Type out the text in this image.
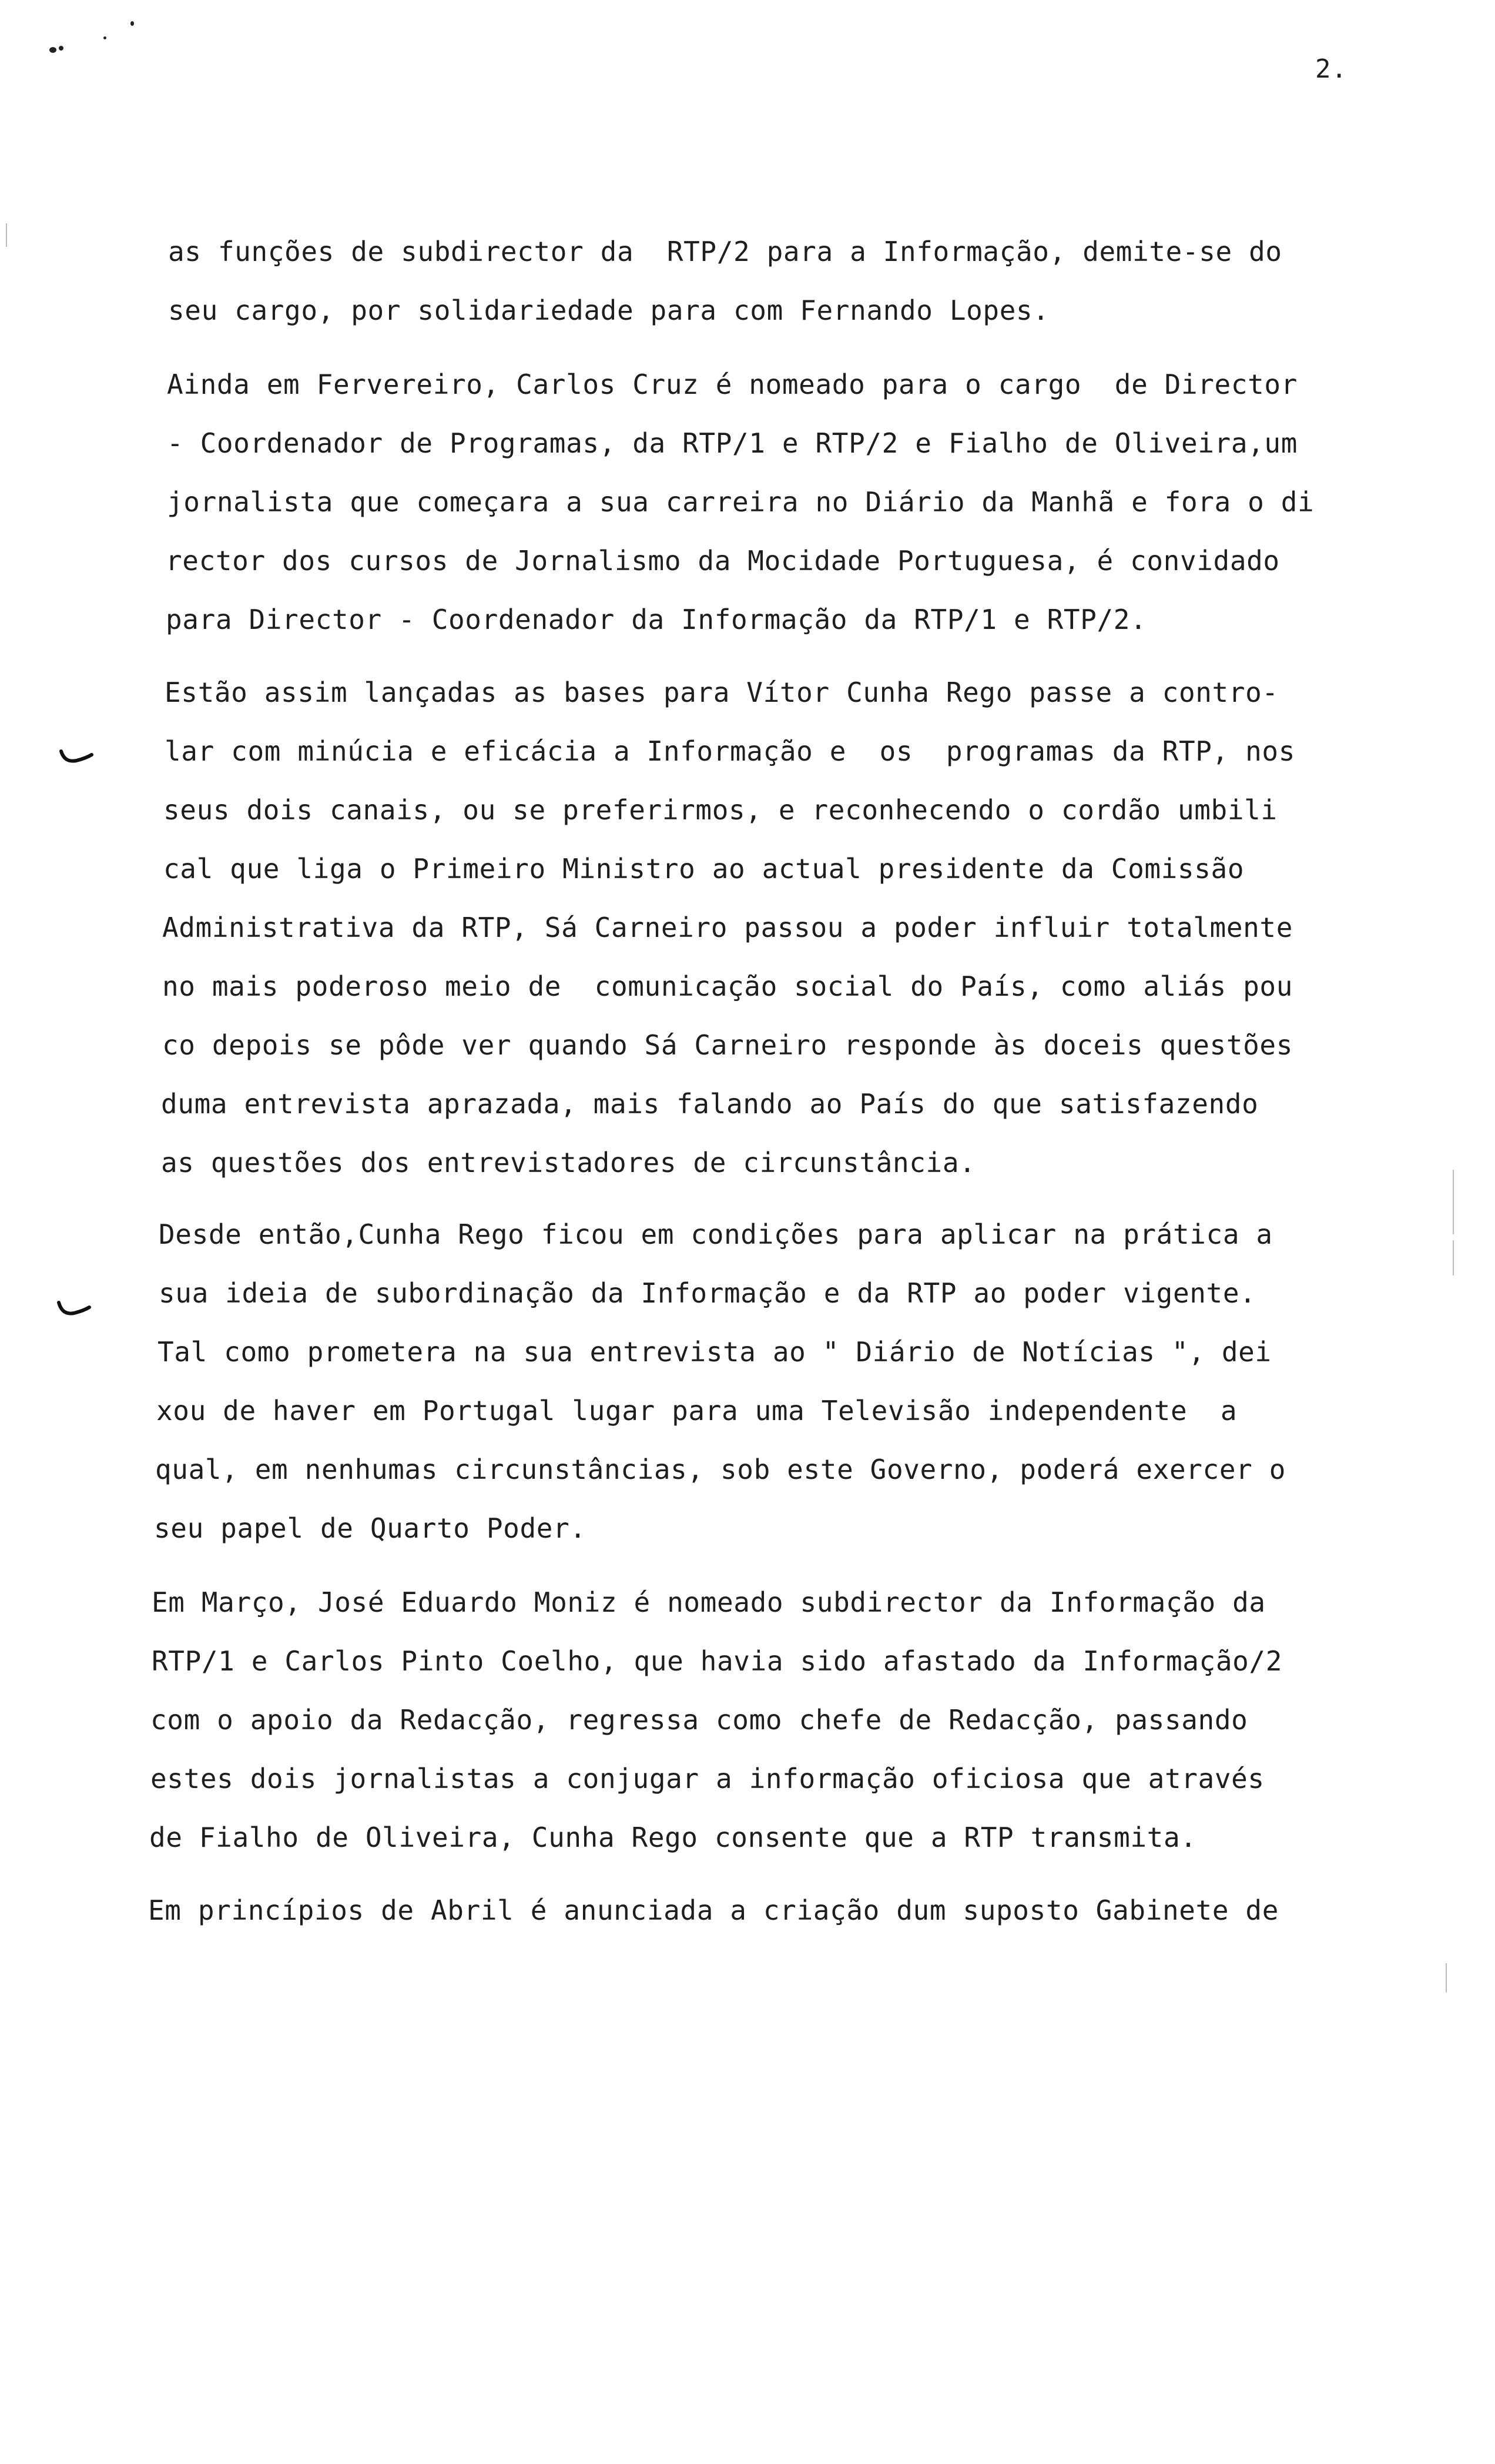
2.
as funções de subdirector da  RTP/2 para a Informação, demite-se do
seu cargo, por solidariedade para com Fernando Lopes.
Ainda em Fervereiro, Carlos Cruz é nomeado para o cargo  de Director
- Coordenador de Programas, da RTP/1 e RTP/2 e Fialho de Oliveira,um
jornalista que começara a sua carreira no Diário da Manhã e fora o di
rector dos cursos de Jornalismo da Mocidade Portuguesa, é convidado
para Director - Coordenador da Informação da RTP/1 e RTP/2.
Estão assim lançadas as bases para Vítor Cunha Rego passe a contro-
lar com minúcia e eficácia a Informação e  os  programas da RTP, nos
seus dois canais, ou se preferirmos, e reconhecendo o cordão umbili
cal que liga o Primeiro Ministro ao actual presidente da Comissão
Administrativa da RTP, Sá Carneiro passou a poder influir totalmente
no mais poderoso meio de  comunicação social do País, como aliás pou
co depois se pôde ver quando Sá Carneiro responde às doceis questões
duma entrevista aprazada, mais falando ao País do que satisfazendo
as questões dos entrevistadores de circunstância.
Desde então,Cunha Rego ficou em condições para aplicar na prática a
sua ideia de subordinação da Informação e da RTP ao poder vigente.
Tal como prometera na sua entrevista ao " Diário de Notícias ", dei
xou de haver em Portugal lugar para uma Televisão independente  a
qual, em nenhumas circunstâncias, sob este Governo, poderá exercer o
seu papel de Quarto Poder.
Em Março, José Eduardo Moniz é nomeado subdirector da Informação da
RTP/1 e Carlos Pinto Coelho, que havia sido afastado da Informação/2
com o apoio da Redacção, regressa como chefe de Redacção, passando
estes dois jornalistas a conjugar a informação oficiosa que através
de Fialho de Oliveira, Cunha Rego consente que a RTP transmita.
Em princípios de Abril é anunciada a criação dum suposto Gabinete de
